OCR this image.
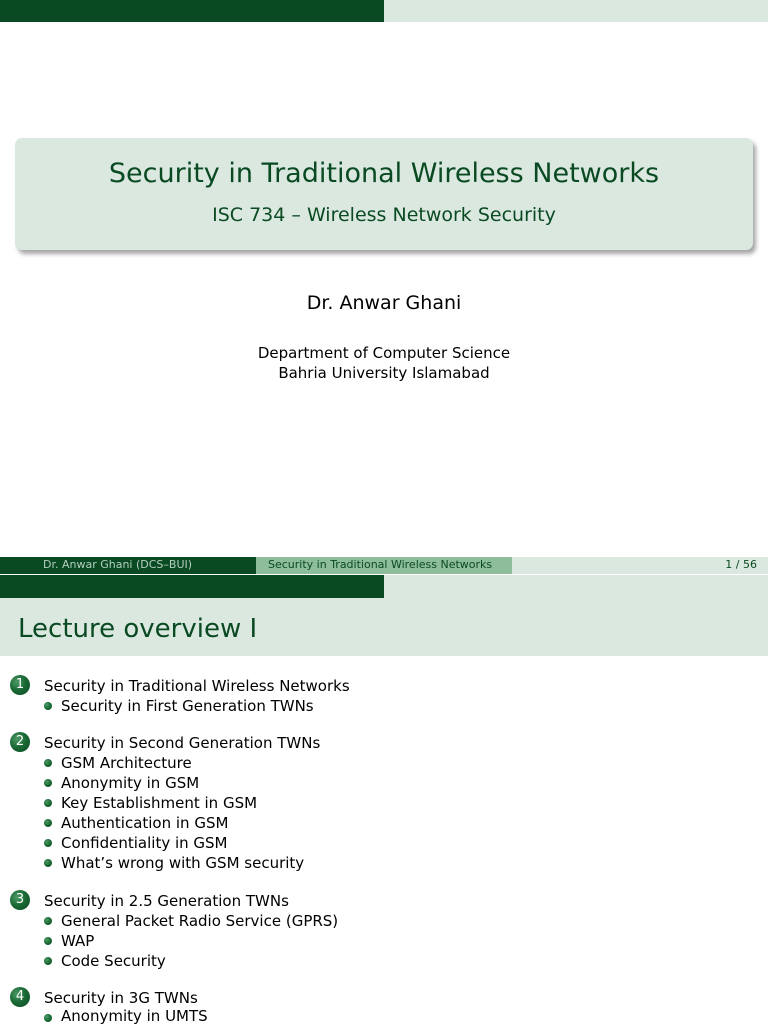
Security in Traditional Wireless Networks
ISC 734 – Wireless Network Security
Dr. Anwar Ghani
Department of Computer Science
Bahria University Islamabad
Dr. Anwar Ghani (DCS–BUI)	Security in Traditional Wireless Networks	1 / 56
Lecture overview I
1	Security in Traditional Wireless Networks
Security in First Generation TWNs
2	Security in Second Generation TWNs
GSM Architecture
Anonymity in GSM
Key Establishment in GSM
Authentication in GSM
Confidentiality in GSM
What’s wrong with GSM security
3	Security in 2.5 Generation TWNs
General Packet Radio Service (GPRS)
WAP
Code Security
4	Security in 3G TWNs
Anonymity in UMTS
